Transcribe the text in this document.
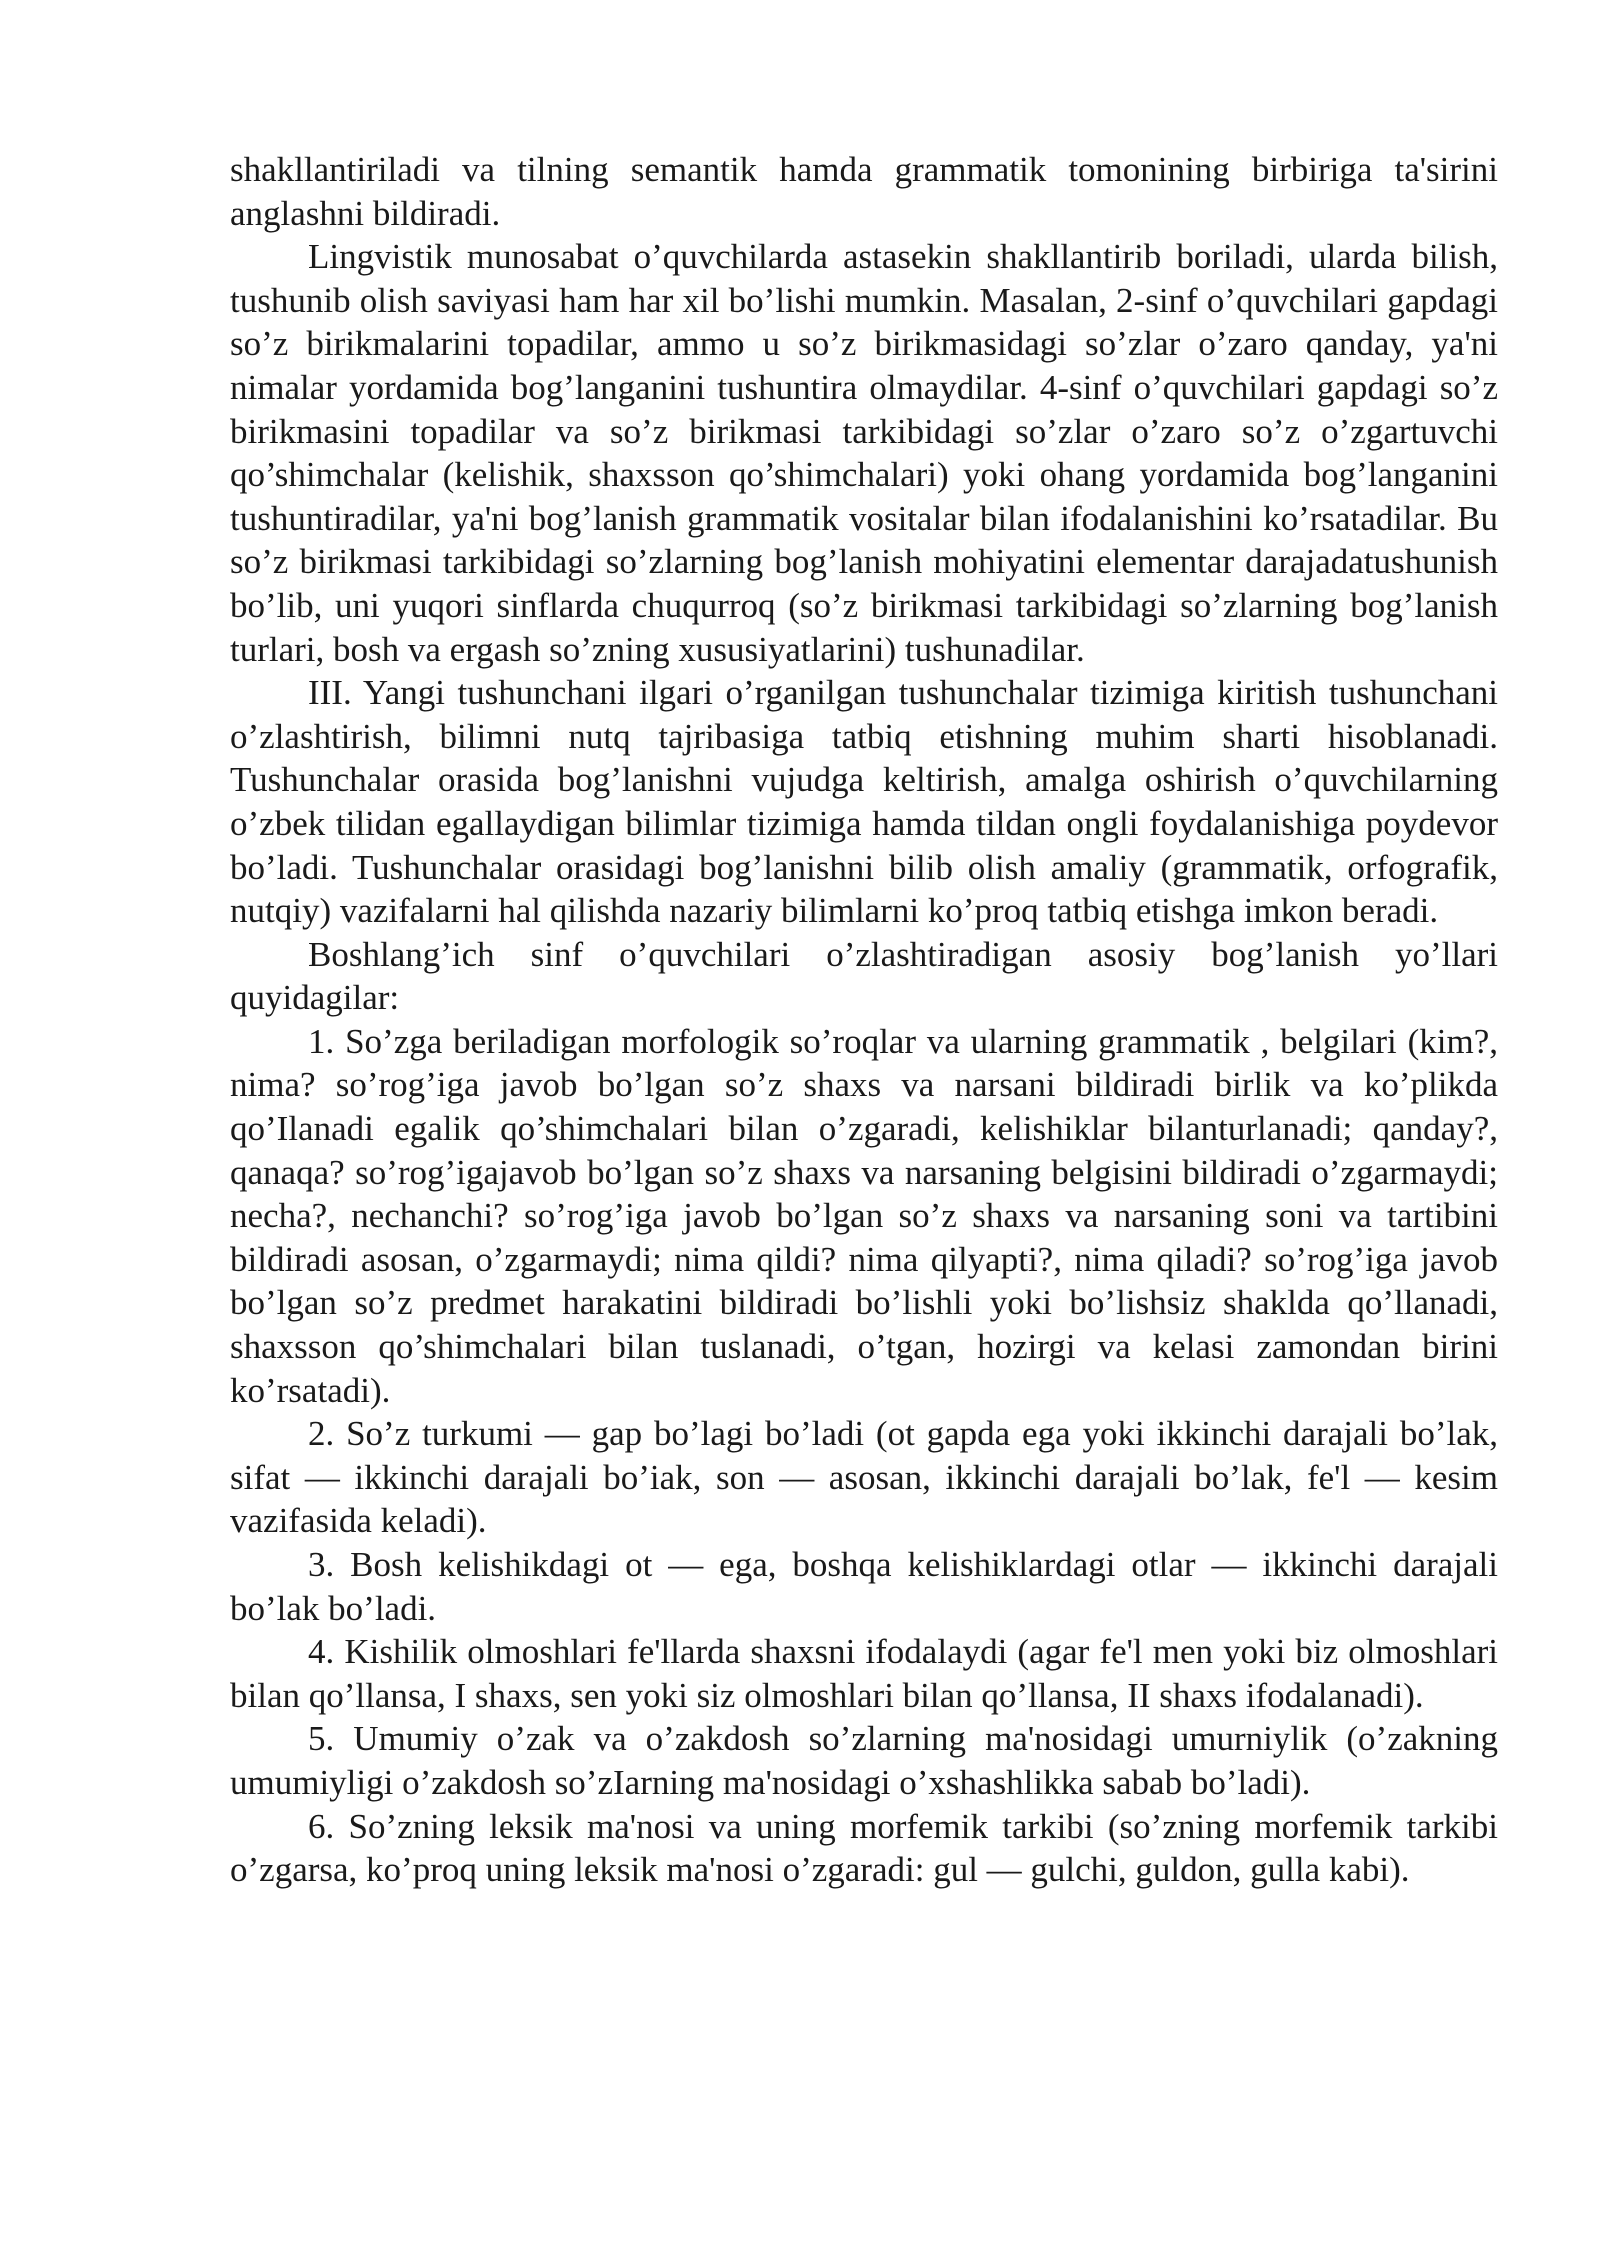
shakllantiriladi va tilning semantik hamda grammatik tomonining birbiriga ta'sirini anglashni bildiradi.

Lingvistik munosabat o’quvchilarda astasekin shakllantirib boriladi, ularda bilish, tushunib olish saviyasi ham har xil bo’lishi mumkin. Masalan, 2-sinf o’quvchilari gapdagi so’z birikmalarini topadilar, ammo u so’z birikmasidagi so’zlar o’zaro qanday, ya'ni nimalar yordamida bog’langanini tushuntira olmaydilar. 4-sinf o’quvchilari gapdagi so’z birikmasini topadilar va so’z birikmasi tarkibidagi so’zlar o’zaro so’z o’zgartuvchi qo’shimchalar (kelishik, shaxsson qo’shimchalari) yoki ohang yordamida bog’langanini tushuntiradilar, ya'ni bog’lanish grammatik vositalar bilan ifodalanishini ko’rsatadilar. Bu so’z birikmasi tarkibidagi so’zlarning bog’lanish mohiyatini elementar darajadatushunish bo’lib, uni yuqori sinflarda chuqurroq (so’z birikmasi tarkibidagi so’zlarning bog’lanish turlari, bosh va ergash so’zning xususiyatlarini) tushunadilar.

III. Yangi tushunchani ilgari o’rganilgan tushunchalar tizimiga kiritish tushunchani o’zlashtirish, bilimni nutq tajribasiga tatbiq etishning muhim sharti hisoblanadi. Tushunchalar orasida bog’lanishni vujudga keltirish, amalga oshirish o’quvchilarning o’zbek tilidan egallaydigan bilimlar tizimiga hamda tildan ongli foydalanishiga poydevor bo’ladi. Tushunchalar orasidagi bog’lanishni bilib olish amaliy (grammatik, orfografik, nutqiy) vazifalarni hal qilishda nazariy bilimlarni ko’proq tatbiq etishga imkon beradi.

Boshlang’ich sinf o’quvchilari o’zlashtiradigan asosiy bog’lanish yo’llari quyidagilar:

1. So’zga beriladigan morfologik so’roqlar va ularning grammatik , belgilari (kim?, nima? so’rog’iga javob bo’lgan so’z shaxs va narsani bildiradi birlik va ko’plikda qo’Ilanadi egalik qo’shimchalari bilan o’zgaradi, kelishiklar bilanturlanadi; qanday?, qanaqa? so’rog’igajavob bo’lgan so’z shaxs va narsaning belgisini bildiradi o’zgarmaydi; necha?, nechanchi? so’rog’iga javob bo’lgan so’z shaxs va narsaning soni va tartibini bildiradi asosan, o’zgarmaydi; nima qildi? nima qilyapti?, nima qiladi? so’rog’iga javob bo’lgan so’z predmet harakatini bildiradi bo’lishli yoki bo’lishsiz shaklda qo’llanadi, shaxsson qo’shimchalari bilan tuslanadi, o’tgan, hozirgi va kelasi zamondan birini ko’rsatadi).

2. So’z turkumi — gap bo’lagi bo’ladi (ot gapda ega yoki ikkinchi darajali bo’lak, sifat — ikkinchi darajali bo’iak, son — asosan, ikkinchi darajali bo’lak, fe'l — kesim vazifasida keladi).

3. Bosh kelishikdagi ot — ega, boshqa kelishiklardagi otlar — ikkinchi darajali bo’lak bo’ladi.

4. Kishilik olmoshlari fe'llarda shaxsni ifodalaydi (agar fe'l men yoki biz olmoshlari bilan qo’llansa, I shaxs, sen yoki siz olmoshlari bilan qo’llansa, II shaxs ifodalanadi).

5. Umumiy o’zak va o’zakdosh so’zlarning ma'nosidagi umurniylik (o’zakning umumiyligi o’zakdosh so’zIarning ma'nosidagi o’xshashlikka sabab bo’ladi).

6. So’zning leksik ma'nosi va uning morfemik tarkibi (so’zning morfemik tarkibi o’zgarsa, ko’proq uning leksik ma'nosi o’zgaradi: gul — gulchi, guldon, gulla kabi).
